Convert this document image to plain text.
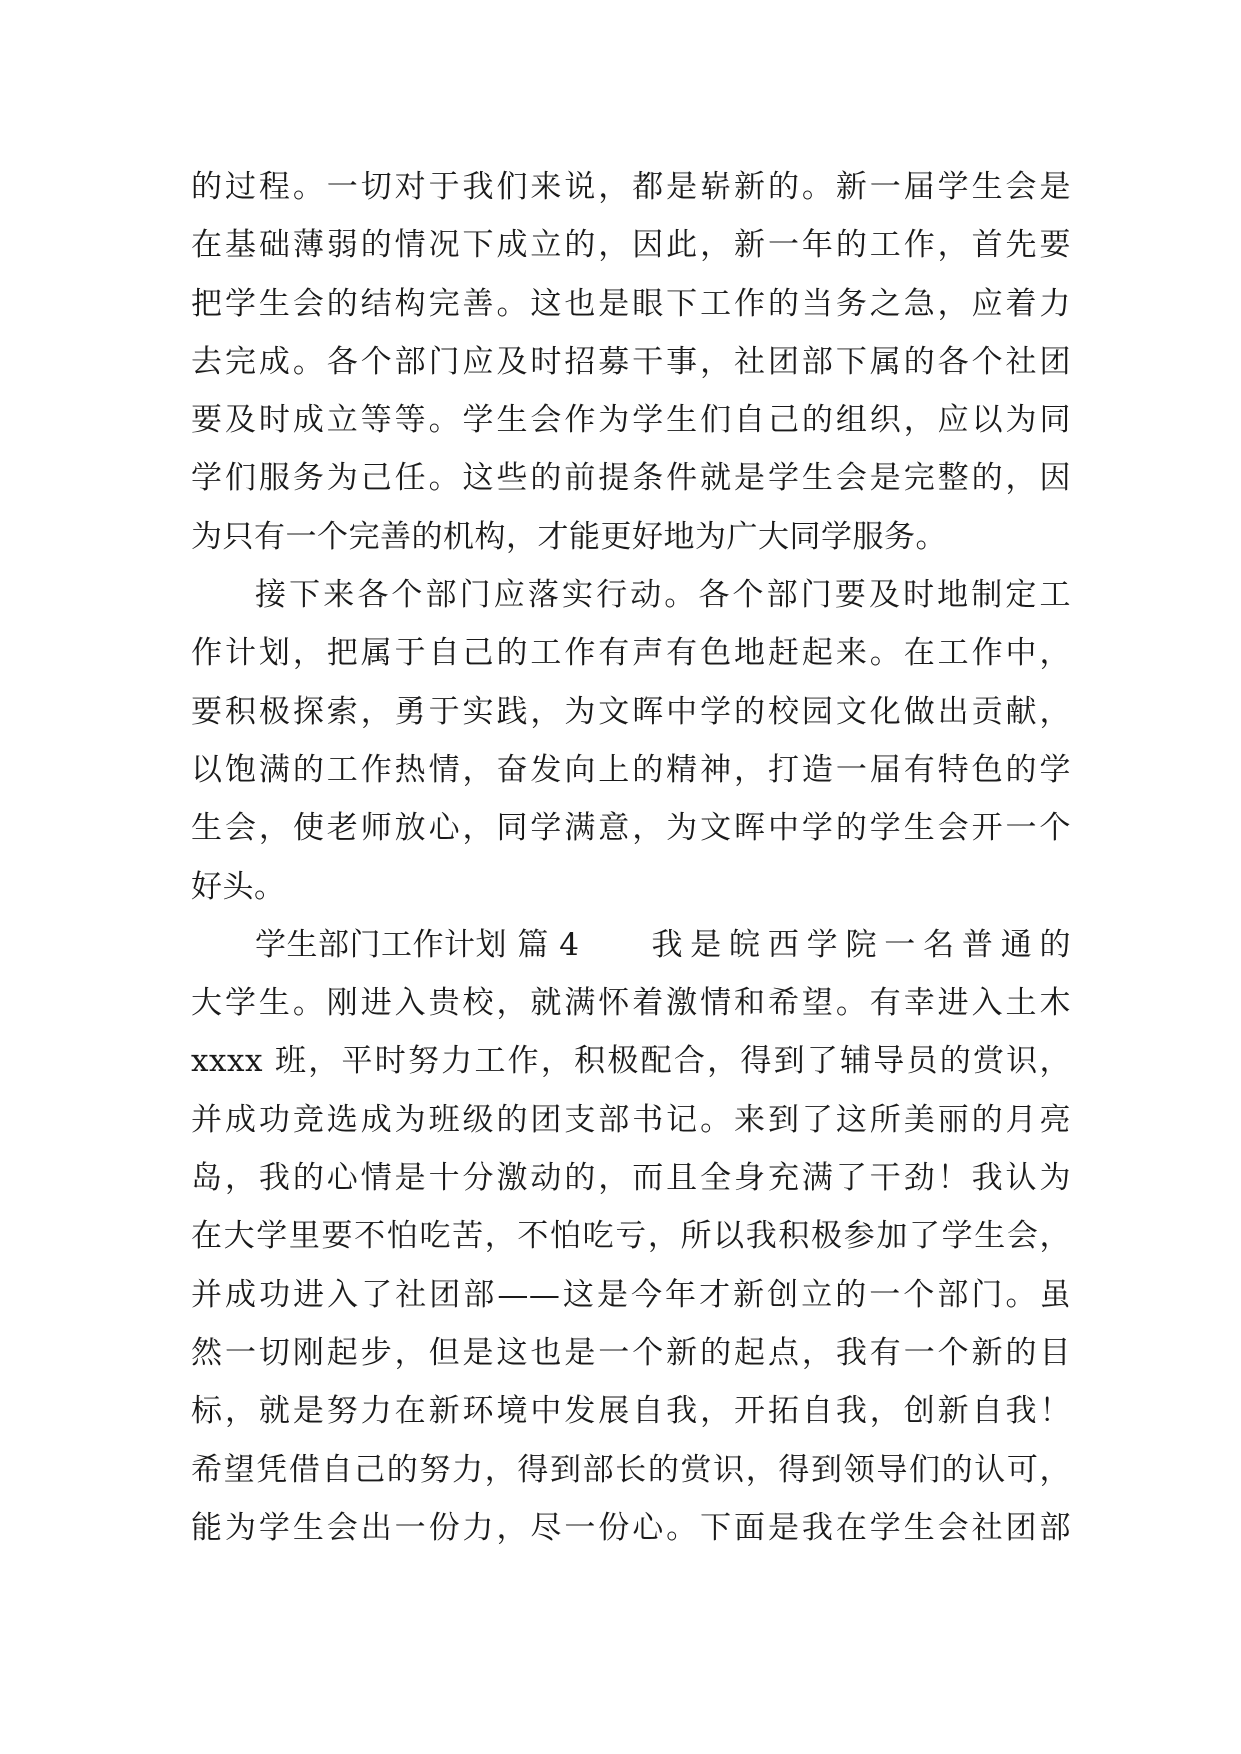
的过程。一切对于我们来说，都是崭新的。新一届学生会是
在基础薄弱的情况下成立的，因此，新一年的工作，首先要
把学生会的结构完善。这也是眼下工作的当务之急，应着力
去完成。各个部门应及时招募干事，社团部下属的各个社团
要及时成立等等。学生会作为学生们自己的组织，应以为同
学们服务为己任。这些的前提条件就是学生会是完整的，因
为只有一个完善的机构，才能更好地为广大同学服务。
接下来各个部门应落实行动。各个部门要及时地制定工
作计划，把属于自己的工作有声有色地赶起来。在工作中，
要积极探索，勇于实践，为文晖中学的校园文化做出贡献，
以饱满的工作热情，奋发向上的精神，打造一届有特色的学
生会，使老师放心，同学满意，为文晖中学的学生会开一个
好头。
学生部门工作计划 篇 4 我是皖西学院一名普通的
大学生。刚进入贵校，就满怀着激情和希望。有幸进入土木
xxxx 班，平时努力工作，积极配合，得到了辅导员的赏识，
并成功竞选成为班级的团支部书记。来到了这所美丽的月亮
岛，我的心情是十分激动的，而且全身充满了干劲！我认为
在大学里要不怕吃苦，不怕吃亏，所以我积极参加了学生会，
并成功进入了社团部——这是今年才新创立的一个部门。虽
然一切刚起步，但是这也是一个新的起点，我有一个新的目
标，就是努力在新环境中发展自我，开拓自我，创新自我！
希望凭借自己的努力，得到部长的赏识，得到领导们的认可，
能为学生会出一份力，尽一份心。下面是我在学生会社团部
